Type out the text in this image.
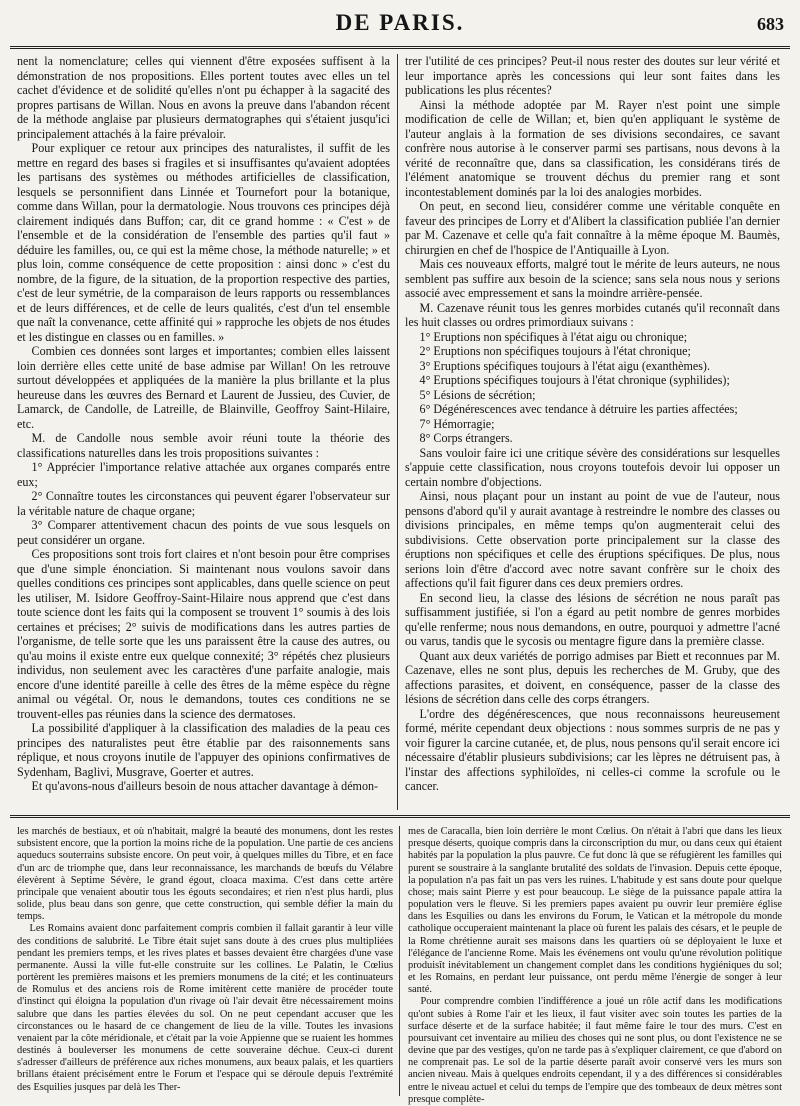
DE PARIS.	683

nent la nomenclature; celles qui viennent d'être exposées suffisent à la démonstration de nos propositions. Elles portent toutes avec elles un tel cachet d'évidence et de solidité qu'elles n'ont pu échapper à la sagacité des propres partisans de Willan. Nous en avons la preuve dans l'abandon récent de la méthode anglaise par plusieurs dermatographes qui s'étaient jusqu'ici principalement attachés à la faire prévaloir.

Pour expliquer ce retour aux principes des naturalistes, il suffit de les mettre en regard des bases si fragiles et si insuffisantes qu'avaient adoptées les partisans des systèmes ou méthodes artificielles de classification, lesquels se personnifient dans Linnée et Tournefort pour la botanique, comme dans Willan, pour la dermatologie. Nous trouvons ces principes déjà clairement indiqués dans Buffon; car, dit ce grand homme : « C'est » de l'ensemble et de la considération de l'ensemble des parties qu'il faut » déduire les familles, ou, ce qui est la même chose, la méthode naturelle; » et plus loin, comme conséquence de cette proposition : ainsi donc » c'est du nombre, de la figure, de la situation, de la proportion respective des parties, c'est de leur symétrie, de la comparaison de leurs rapports ou ressemblances et de leurs différences, et de celle de leurs qualités, c'est d'un tel ensemble que naît la convenance, cette affinité qui » rapproche les objets de nos études et les distingue en classes ou en familles. »

Combien ces données sont larges et importantes; combien elles laissent loin derrière elles cette unité de base admise par Willan! On les retrouve surtout développées et appliquées de la manière la plus brillante et la plus heureuse dans les œuvres des Bernard et Laurent de Jussieu, des Cuvier, de Lamarck, de Candolle, de Latreille, de Blainville, Geoffroy Saint-Hilaire, etc.

M. de Candolle nous semble avoir réuni toute la théorie des classifications naturelles dans les trois propositions suivantes :

1° Apprécier l'importance relative attachée aux organes comparés entre eux;

2° Connaître toutes les circonstances qui peuvent égarer l'observateur sur la véritable nature de chaque organe;

3° Comparer attentivement chacun des points de vue sous lesquels on peut considérer un organe.

Ces propositions sont trois fort claires et n'ont besoin pour être comprises que d'une simple énonciation. Si maintenant nous voulons savoir dans quelles conditions ces principes sont applicables, dans quelle science on peut les utiliser, M. Isidore Geoffroy-Saint-Hilaire nous apprend que c'est dans toute science dont les faits qui la composent se trouvent 1° soumis à des lois certaines et précises; 2° suivis de modifications dans les autres parties de l'organisme, de telle sorte que les uns paraissent être la cause des autres, ou qu'au moins il existe entre eux quelque connexité; 3° répétés chez plusieurs individus, non seulement avec les caractères d'une parfaite analogie, mais encore d'une identité pareille à celle des êtres de la même espèce du règne animal ou végétal. Or, nous le demandons, toutes ces conditions ne se trouvent-elles pas réunies dans la science des dermatoses.

La possibilité d'appliquer à la classification des maladies de la peau ces principes des naturalistes peut être établie par des raisonnements sans réplique, et nous croyons inutile de l'appuyer des opinions confirmatives de Sydenham, Baglivi, Musgrave, Goerter et autres.

Et qu'avons-nous d'ailleurs besoin de nous attacher davantage à démon-

trer l'utilité de ces principes? Peut-il nous rester des doutes sur leur vérité et leur importance après les concessions qui leur sont faites dans les publications les plus récentes?

Ainsi la méthode adoptée par M. Rayer n'est point une simple modification de celle de Willan; et, bien qu'en appliquant le système de l'auteur anglais à la formation de ses divisions secondaires, ce savant confrère nous autorise à le conserver parmi ses partisans, nous devons à la vérité de reconnaître que, dans sa classification, les considérans tirés de l'élément anatomique se trouvent déchus du premier rang et sont incontestablement dominés par la loi des analogies morbides.

On peut, en second lieu, considérer comme une véritable conquête en faveur des principes de Lorry et d'Alibert la classification publiée l'an dernier par M. Cazenave et celle qu'a fait connaître à la même époque M. Baumès, chirurgien en chef de l'hospice de l'Antiquaille à Lyon.

Mais ces nouveaux efforts, malgré tout le mérite de leurs auteurs, ne nous semblent pas suffire aux besoin de la science; sans sela nous nous y serions associé avec empressement et sans la moindre arrière-pensée.

M. Cazenave réunit tous les genres morbides cutanés qu'il reconnaît dans les huit classes ou ordres primordiaux suivans :

1° Eruptions non spécifiques à l'état aigu ou chronique;

2° Eruptions non spécifiques toujours à l'état chronique;

3° Eruptions spécifiques toujours à l'état aigu (exanthèmes).

4° Eruptions spécifiques toujours à l'état chronique (syphilides);

5° Lésions de sécrétion;

6° Dégénérescences avec tendance à détruire les parties affectées;

7° Hémorragie;

8° Corps étrangers.

Sans vouloir faire ici une critique sévère des considérations sur lesquelles s'appuie cette classification, nous croyons toutefois devoir lui opposer un certain nombre d'objections.

Ainsi, nous plaçant pour un instant au point de vue de l'auteur, nous pensons d'abord qu'il y aurait avantage à restreindre le nombre des classes ou divisions principales, en même temps qu'on augmenterait celui des subdivisions. Cette observation porte principalement sur la classe des éruptions non spécifiques et celle des éruptions spécifiques. De plus, nous serions loin d'être d'accord avec notre savant confrère sur le choix des affections qu'il fait figurer dans ces deux premiers ordres.

En second lieu, la classe des lésions de sécrétion ne nous paraît pas suffisamment justifiée, si l'on a égard au petit nombre de genres morbides qu'elle renferme; nous nous demandons, en outre, pourquoi y admettre l'acné ou varus, tandis que le sycosis ou mentagre figure dans la première classe.

Quant aux deux variétés de porrigo admises par Biett et reconnues par M. Cazenave, elles ne sont plus, depuis les recherches de M. Gruby, que des affections parasites, et doivent, en conséquence, passer de la classe des lésions de sécrétion dans celle des corps étrangers.

L'ordre des dégénérescences, que nous reconnaissons heureusement formé, mérite cependant deux objections : nous sommes surpris de ne pas y voir figurer la carcine cutanée, et, de plus, nous pensons qu'il serait encore ici nécessaire d'établir plusieurs subdivisions; car les lèpres ne détruisent pas, à l'instar des affections syphiloïdes, ni celles-ci comme la scrofule ou le cancer.

les marchés de bestiaux, et où n'habitait, malgré la beauté des monumens, dont les restes subsistent encore, que la portion la moins riche de la population. Une partie de ces anciens aqueducs souterrains subsiste encore. On peut voir, à quelques milles du Tibre, et en face d'un arc de triomphe que, dans leur reconnaissance, les marchands de bœufs du Vélabre élevèrent à Septime Sévère, le grand égout, cloaca maxima. C'est dans cette artère principale que venaient aboutir tous les égouts secondaires; et rien n'est plus hardi, plus solide, plus beau dans son genre, que cette construction, qui semble défier la main du temps.

Les Romains avaient donc parfaitement compris combien il fallait garantir à leur ville des conditions de salubrité. Le Tibre était sujet sans doute à des crues plus multipliées pendant les premiers temps, et les rives plates et basses devaient être chargées d'une vase permanente. Aussi la ville fut-elle construite sur les collines. Le Palatin, le Cœlius portèrent les premières maisons et les premiers monumens de la cité; et les continuateurs de Romulus et des anciens rois de Rome imitèrent cette manière de procéder toute d'instinct qui éloigna la population d'un rivage où l'air devait être nécessairement moins salubre que dans les parties élevées du sol. On ne peut cependant accuser que les circonstances ou le hasard de ce changement de lieu de la ville. Toutes les invasions venaient par la côte méridionale, et c'était par la voie Appienne que se ruaient les hommes destinés à bouleverser les monumens de cette souveraine déchue. Ceux-ci durent s'adresser d'ailleurs de préférence aux riches monumens, aux beaux palais, et les quartiers brillans étaient précisément entre le Forum et l'espace qui se déroule depuis l'extrémité des Esquilies jusques par delà les Ther-

mes de Caracalla, bien loin derrière le mont Cœlius. On n'était à l'abri que dans les lieux presque déserts, quoique compris dans la circonscription du mur, ou dans ceux qui étaient habités par la population la plus pauvre. Ce fut donc là que se réfugièrent les familles qui purent se soustraire à la sanglante brutalité des soldats de l'invasion. Depuis cette époque, la population n'a pas fait un pas vers les ruines. L'habitude y est sans doute pour quelque chose; mais saint Pierre y est pour beaucoup. Le siège de la puissance papale attira la population vers le fleuve. Si les premiers papes avaient pu ouvrir leur première église dans les Esquilies ou dans les environs du Forum, le Vatican et la métropole du monde catholique occuperaient maintenant la place où furent les palais des césars, et le peuple de la Rome chrétienne aurait ses maisons dans les quartiers où se déployaient le luxe et l'élégance de l'ancienne Rome. Mais les événemens ont voulu qu'une révolution politique produisît inévitablement un changement complet dans les conditions hygiéniques du sol; et les Romains, en perdant leur puissance, ont perdu même l'énergie de songer à leur santé.

Pour comprendre combien l'indifférence a joué un rôle actif dans les modifications qu'ont subies à Rome l'air et les lieux, il faut visiter avec soin toutes les parties de la surface déserte et de la surface habitée; il faut même faire le tour des murs. C'est en poursuivant cet inventaire au milieu des choses qui ne sont plus, ou dont l'existence ne se devine que par des vestiges, qu'on ne tarde pas à s'expliquer clairement, ce que d'abord on ne comprenait pas. Le sol de la partie déserte paraît avoir conservé vers les murs son ancien niveau. Mais à quelques endroits cependant, il y a des différences si considérables entre le niveau actuel et celui du temps de l'empire que des tombeaux de deux mètres sont presque complète-
